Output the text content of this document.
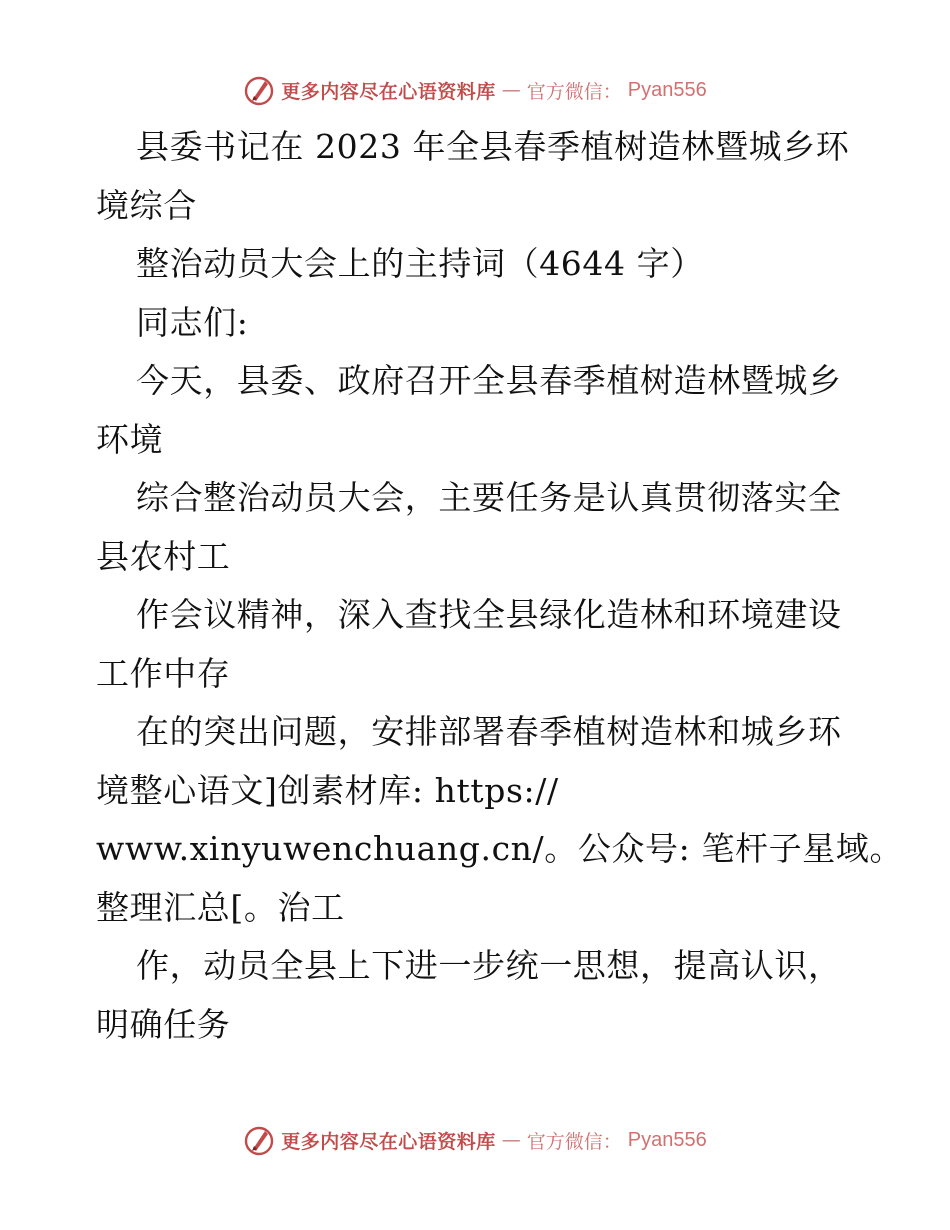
更多内容尽在心语资料库 — 官方微信： Pyan556
县委书记在 2023 年全县春季植树造林暨城乡环
境综合
整治动员大会上的主持词（4644 字）
同志们:
今天，县委、政府召开全县春季植树造林暨城乡
环境
综合整治动员大会，主要任务是认真贯彻落实全
县农村工
作会议精神，深入查找全县绿化造林和环境建设
工作中存
在的突出问题，安排部署春季植树造林和城乡环
境整心语文]创素材库: https://
www.xinyuwenchuang.cn/。公众号: 笔杆子星域。
整理汇总[。治工
作，动员全县上下进一步统一思想，提高认识，
明确任务
更多内容尽在心语资料库 — 官方微信： Pyan556
